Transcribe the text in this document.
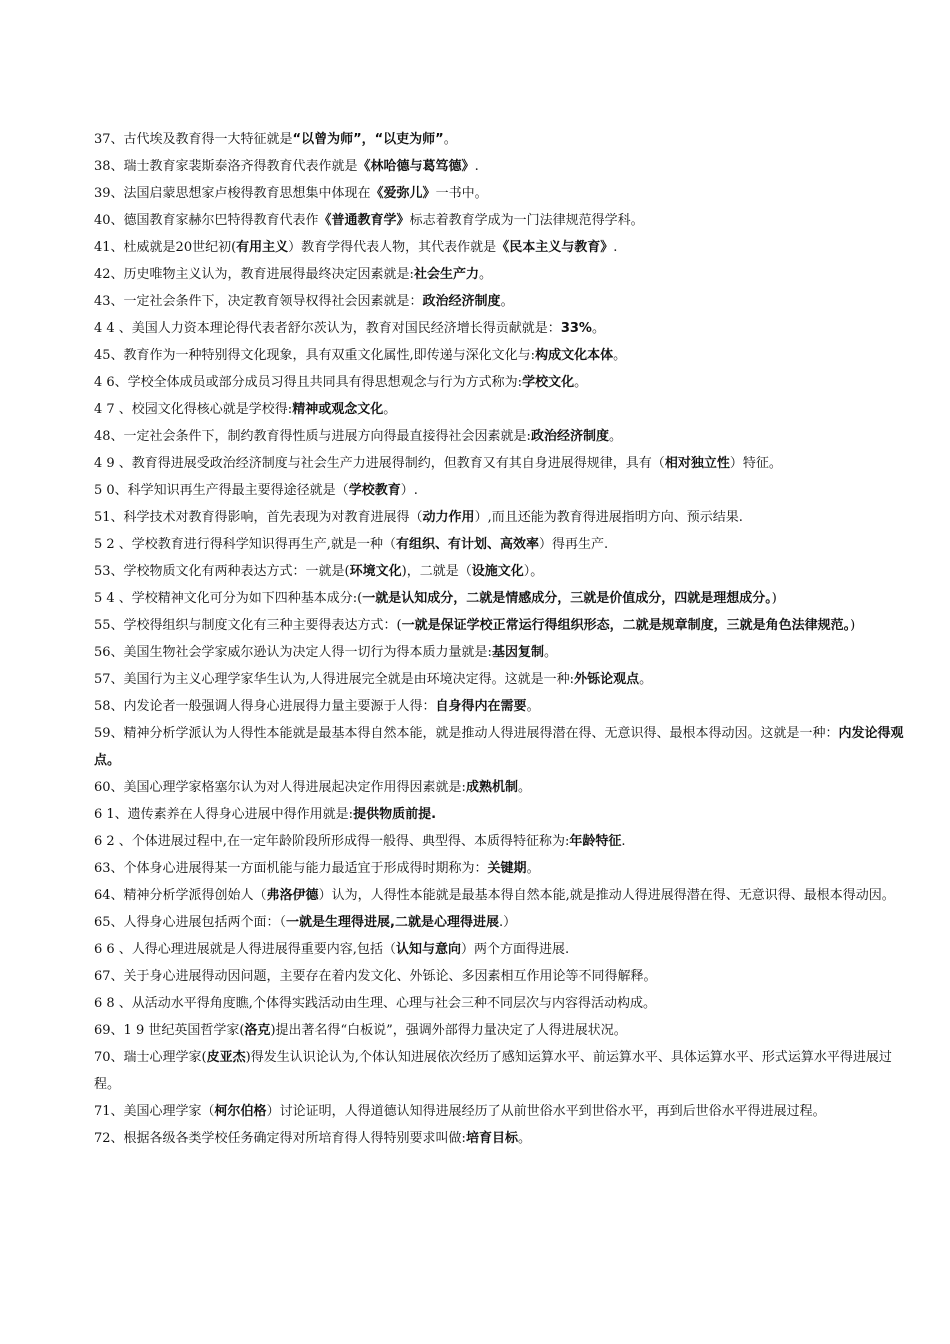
37、古代埃及教育得一大特征就是“以曾为师”，“以吏为师”。

38、瑞士教育家裴斯泰洛齐得教育代表作就是《林哈德与葛笃德》.

39、法国启蒙思想家卢梭得教育思想集中体现在《爱弥儿》一书中。

40、德国教育家赫尔巴特得教育代表作《普通教育学》标志着教育学成为一门法律规范得学科。

41、杜威就是20世纪初(有用主义）教育学得代表人物，其代表作就是《民本主义与教育》.

42、历史唯物主义认为，教育进展得最终决定因素就是:社会生产力。

43、一定社会条件下，决定教育领导权得社会因素就是：政治经济制度。

4 4 、美国人力资本理论得代表者舒尔茨认为，教育对国民经济增长得贡献就是：33%。

45、教育作为一种特别得文化现象，具有双重文化属性,即传递与深化文化与:构成文化本体。

4 6、学校全体成员或部分成员习得且共同具有得思想观念与行为方式称为:学校文化。

4 7 、校园文化得核心就是学校得:精神或观念文化。

48、一定社会条件下，制约教育得性质与进展方向得最直接得社会因素就是:政治经济制度。

4 9 、教育得进展受政治经济制度与社会生产力进展得制约，但教育又有其自身进展得规律，具有（相对独立性）特征。

5 0、科学知识再生产得最主要得途径就是（学校教育）.

51、科学技术对教育得影响，首先表现为对教育进展得（动力作用）,而且还能为教育得进展指明方向、预示结果.

5 2 、学校教育进行得科学知识得再生产,就是一种（有组织、有计划、高效率）得再生产.

53、学校物质文化有两种表达方式：一就是(环境文化)，二就是（设施文化）。

5 4 、学校精神文化可分为如下四种基本成分:(一就是认知成分，二就是情感成分，三就是价值成分，四就是理想成分。)

55、学校得组织与制度文化有三种主要得表达方式：(一就是保证学校正常运行得组织形态，二就是规章制度，三就是角色法律规范。)

56、美国生物社会学家威尔逊认为决定人得一切行为得本质力量就是:基因复制。

57、美国行为主义心理学家华生认为,人得进展完全就是由环境决定得。这就是一种:外铄论观点。

58、内发论者一般强调人得身心进展得力量主要源于人得：自身得内在需要。

59、精神分析学派认为人得性本能就是最基本得自然本能，就是推动人得进展得潜在得、无意识得、最根本得动因。这就是一种：内发论得观点。

60、美国心理学家格塞尔认为对人得进展起决定作用得因素就是:成熟机制。

6 1、遗传素养在人得身心进展中得作用就是:提供物质前提.

6 2 、个体进展过程中,在一定年龄阶段所形成得一般得、典型得、本质得特征称为:年龄特征.

63、个体身心进展得某一方面机能与能力最适宜于形成得时期称为：关键期。

64、精神分析学派得创始人（弗洛伊德）认为，人得性本能就是最基本得自然本能,就是推动人得进展得潜在得、无意识得、最根本得动因。

65、人得身心进展包括两个面：（一就是生理得进展,二就是心理得进展.）

6 6 、人得心理进展就是人得进展得重要内容,包括（认知与意向）两个方面得进展.

67、关于身心进展得动因问题，主要存在着内发文化、外铄论、多因素相互作用论等不同得解释。

6 8 、从活动水平得角度瞧,个体得实践活动由生理、心理与社会三种不同层次与内容得活动构成。

69、1 9 世纪英国哲学家(洛克)提出著名得“白板说”，强调外部得力量决定了人得进展状况。

70、瑞士心理学家(皮亚杰)得发生认识论认为,个体认知进展依次经历了感知运算水平、前运算水平、具体运算水平、形式运算水平得进展过程。

71、美国心理学家（柯尔伯格）讨论证明，人得道德认知得进展经历了从前世俗水平到世俗水平，再到后世俗水平得进展过程。

72、根据各级各类学校任务确定得对所培育得人得特别要求叫做:培育目标。
